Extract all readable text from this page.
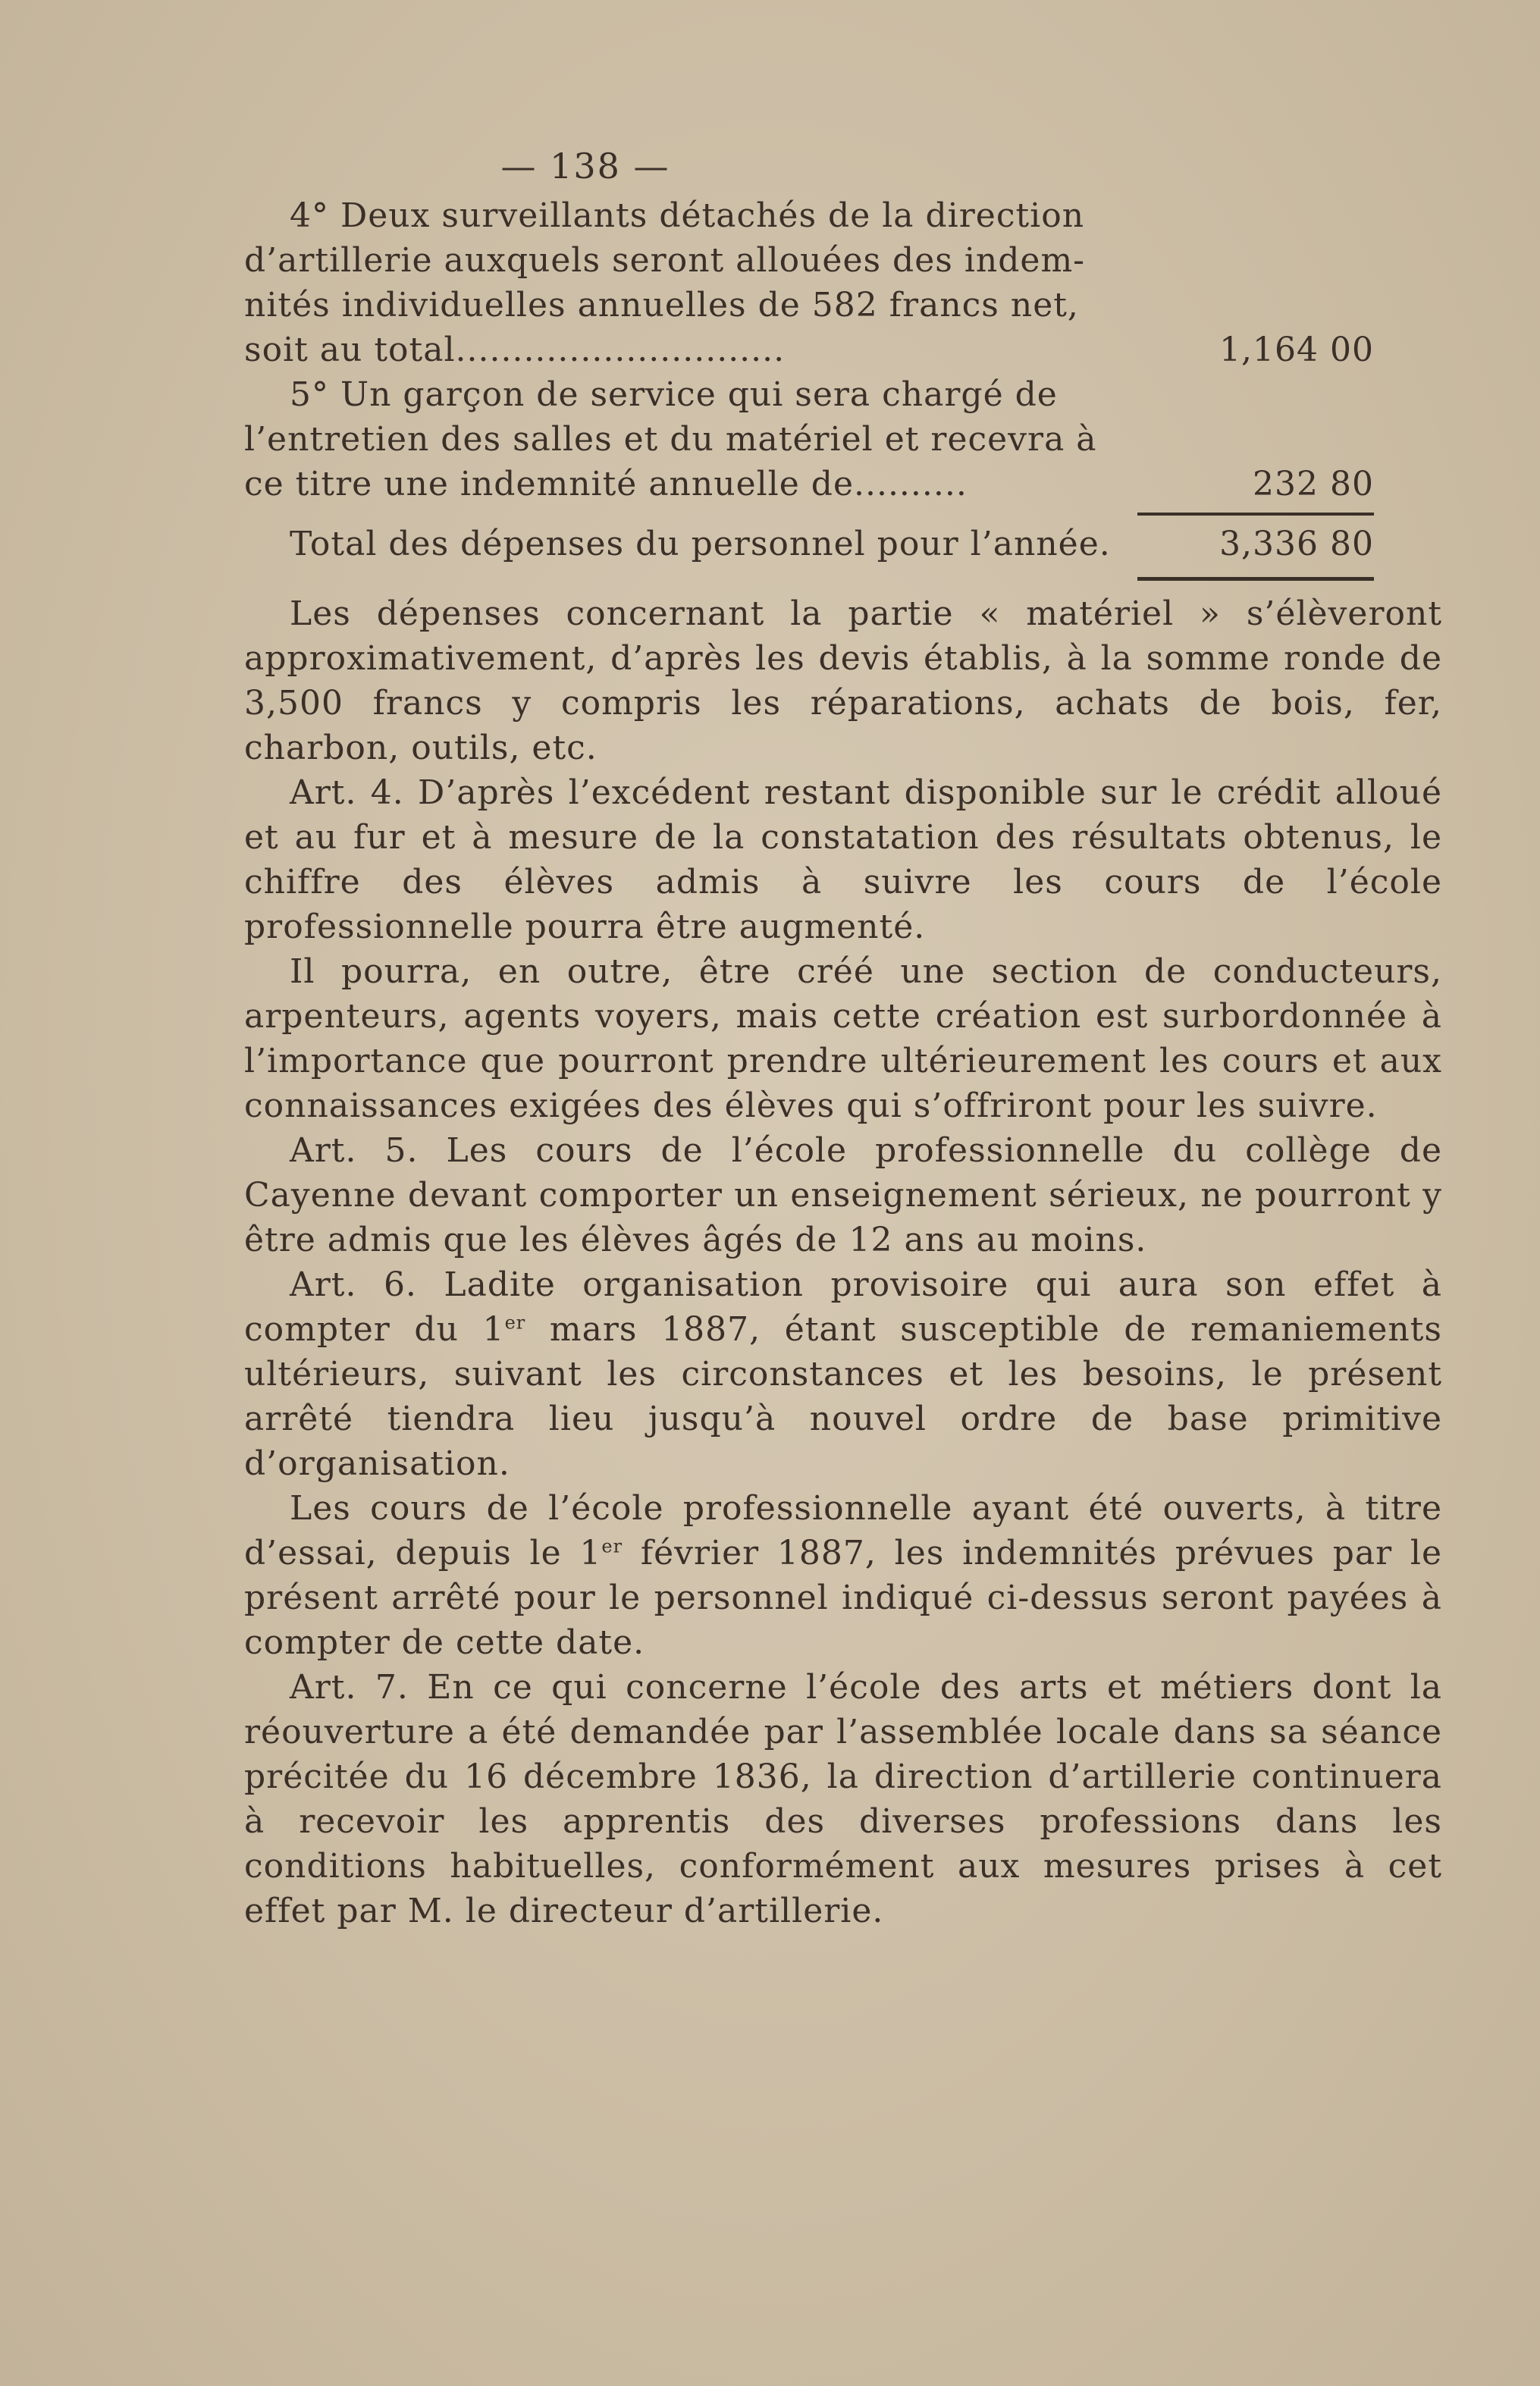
— 138 —

4° Deux surveillants détachés de la direction

d’artillerie auxquels seront allouées des indem-

nités individuelles annuelles de 582 francs net,

soit au total.............................	1,164 00

5° Un garçon de service qui sera chargé de

l’entretien des salles et du matériel et recevra à

ce titre une indemnité annuelle de..........	232 80
Total des dépenses du personnel pour l’année.	3,336 80

Les dépenses concernant la partie « matériel » s’élèveront approximativement, d’après les devis établis, à la somme ronde de 3,500 francs y compris les réparations, achats de bois, fer, charbon, outils, etc.

Art. 4. D’après l’excédent restant disponible sur le crédit alloué et au fur et à mesure de la constatation des résultats obtenus, le chiffre des élèves admis à suivre les cours de l’école professionnelle pourra être augmenté.

Il pourra, en outre, être créé une section de conducteurs, arpenteurs, agents voyers, mais cette création est surbordonnée à l’importance que pourront prendre ultérieurement les cours et aux connaissances exigées des élèves qui s’offriront pour les suivre.

Art. 5. Les cours de l’école professionnelle du collège de Cayenne devant comporter un enseignement sérieux, ne pourront y être admis que les élèves âgés de 12 ans au moins.

Art. 6. Ladite organisation provisoire qui aura son effet à compter du 1er mars 1887, étant susceptible de remaniements ultérieurs, suivant les circonstances et les besoins, le présent arrêté tiendra lieu jusqu’à nouvel ordre de base primitive d’organisation.

Les cours de l’école professionnelle ayant été ouverts, à titre d’essai, depuis le 1er février 1887, les indemnités prévues par le présent arrêté pour le personnel indiqué ci-dessus seront payées à compter de cette date.

Art. 7. En ce qui concerne l’école des arts et métiers dont la réouverture a été demandée par l’assemblée locale dans sa séance précitée du 16 décembre 1836, la direction d’artillerie continuera à recevoir les apprentis des diverses professions dans les conditions habituelles, conformément aux mesures prises à cet effet par M. le directeur d’artillerie.
